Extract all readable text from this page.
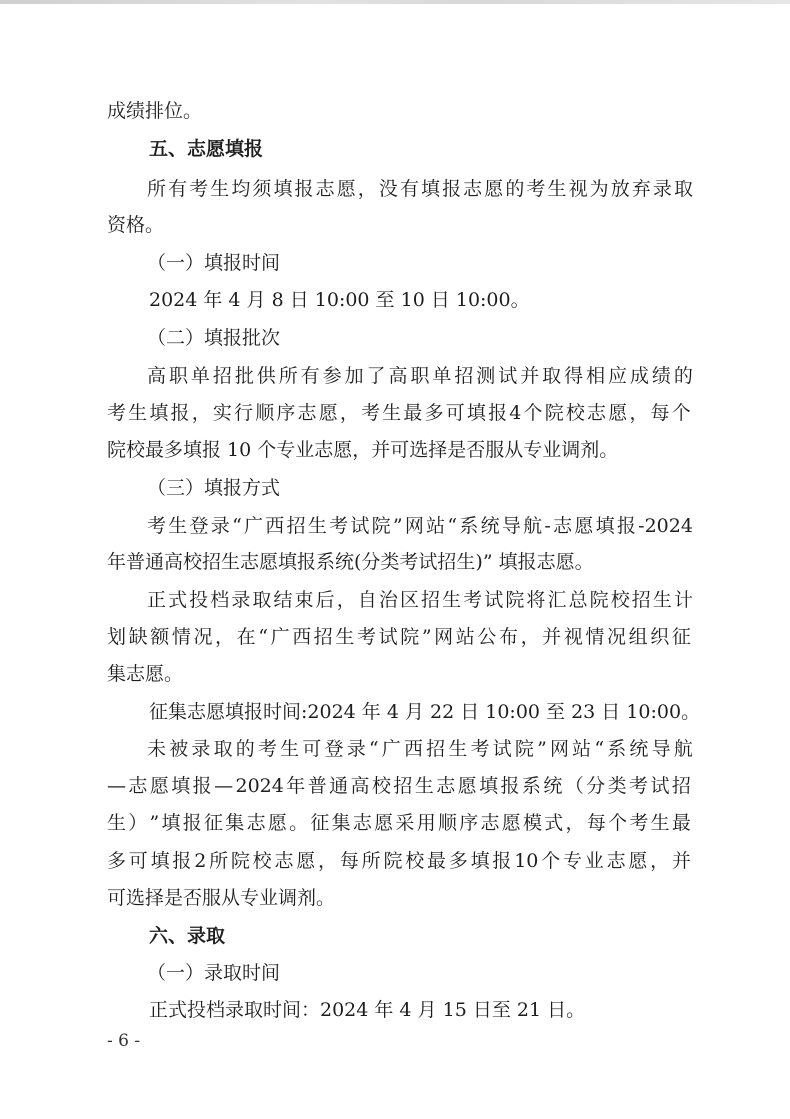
成绩排位。
五、志愿填报
所 有 考 生 均 须 填 报 志 愿 ， 没 有 填 报 志 愿 的 考 生 视 为 放 弃 录 取
资格。
（一）填报时间
2024 年 4 月 8 日 10:00 至 10 日 10:00。
（二）填报批次
高 职 单 招 批 供 所 有 参 加 了 高 职 单 招 测 试 并 取 得 相 应 成 绩 的
考 生 填 报 ， 实 行 顺 序 志 愿 ， 考 生 最 多 可 填 报 4 个 院 校 志 愿 ， 每 个
院校最多填报 10 个专业志愿，并可选择是否服从专业调剂。
（三）填报方式
考 生 登 录 “ 广 西 招 生 考 试 院 ” 网 站 “ 系 统 导 航 - 志 愿 填 报 -2024
年普通高校招生志愿填报系统(分类考试招生)” 填报志愿。
正 式 投 档 录 取 结 束 后 ， 自 治 区 招 生 考 试 院 将 汇 总 院 校 招 生 计
划 缺 额 情 况 ， 在 “ 广 西 招 生 考 试 院 ” 网 站 公 布 ， 并 视 情 况 组 织 征
集志愿。
征集志愿填报时间:2024 年 4 月 22 日 10:00 至 23 日 10:00。
未 被 录 取 的 考 生 可 登 录 “ 广 西 招 生 考 试 院 ” 网 站 “ 系 统 导 航
— 志 愿 填 报 — 2024 年 普 通 高 校 招 生 志 愿 填 报 系 统 （ 分 类 考 试 招
生 ） ” 填 报 征 集 志 愿 。 征 集 志 愿 采 用 顺 序 志 愿 模 式 ， 每 个 考 生 最
多 可 填 报 2 所 院 校 志 愿 ， 每 所 院 校 最 多 填 报 10 个 专 业 志 愿 ， 并
可选择是否服从专业调剂。
六、录取
（一）录取时间
正式投档录取时间：2024 年 4 月 15 日至 21 日。
- 6 -
